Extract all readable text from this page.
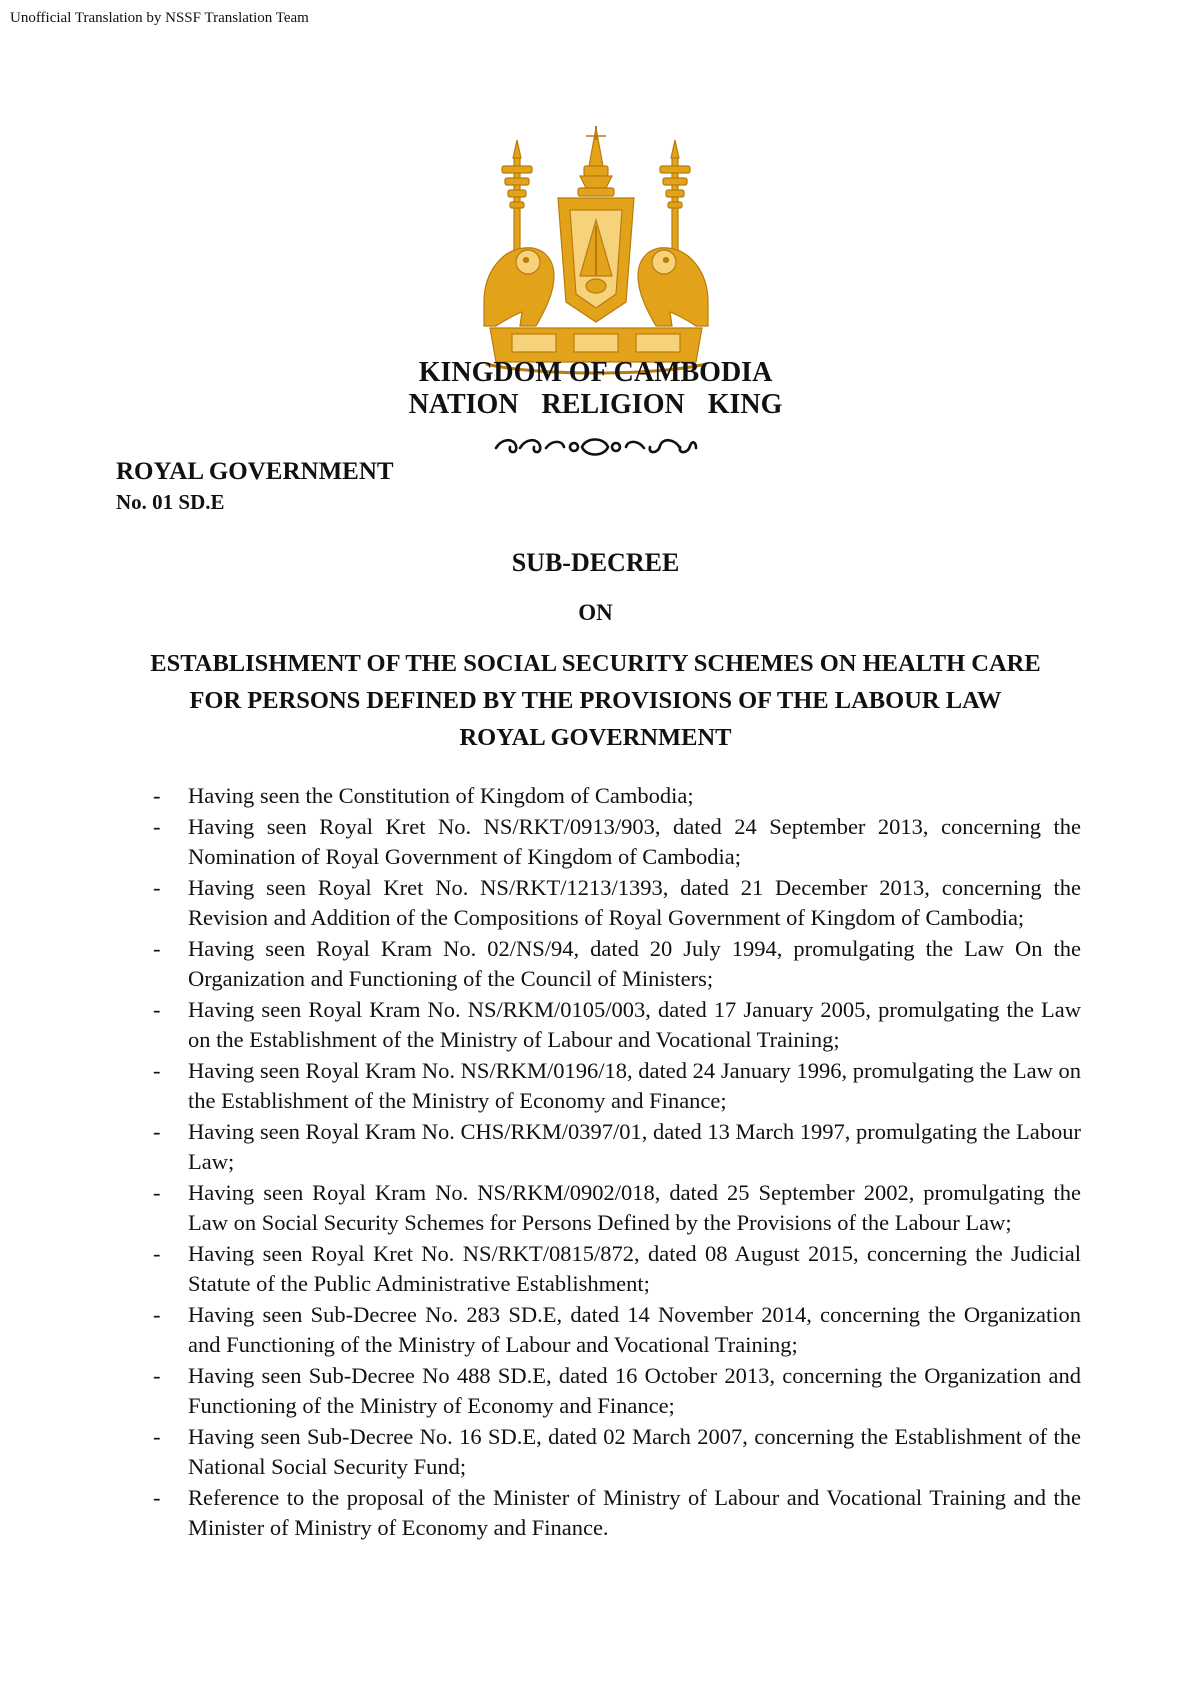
Unofficial Translation by NSSF Translation Team
KINGDOM OF CAMBODIA
NATION RELIGION KING
ROYAL GOVERNMENT
No. 01 SD.E
SUB-DECREE
ON
ESTABLISHMENT OF THE SOCIAL SECURITY SCHEMES ON HEALTH CARE
FOR PERSONS DEFINED BY THE PROVISIONS OF THE LABOUR LAW
ROYAL GOVERNMENT
- Having seen the Constitution of Kingdom of Cambodia;
- Having seen Royal Kret No. NS/RKT/0913/903, dated 24 September 2013, concerning the Nomination of Royal Government of Kingdom of Cambodia;
- Having seen Royal Kret No. NS/RKT/1213/1393, dated 21 December 2013, concerning the Revision and Addition of the Compositions of Royal Government of Kingdom of Cambodia;
- Having seen Royal Kram No. 02/NS/94, dated 20 July 1994, promulgating the Law On the Organization and Functioning of the Council of Ministers;
- Having seen Royal Kram No. NS/RKM/0105/003, dated 17 January 2005, promulgating the Law on the Establishment of the Ministry of Labour and Vocational Training;
- Having seen Royal Kram No. NS/RKM/0196/18, dated 24 January 1996, promulgating the Law on the Establishment of the Ministry of Economy and Finance;
- Having seen Royal Kram No. CHS/RKM/0397/01, dated 13 March 1997, promulgating the Labour Law;
- Having seen Royal Kram No. NS/RKM/0902/018, dated 25 September 2002, promulgating the Law on Social Security Schemes for Persons Defined by the Provisions of the Labour Law;
- Having seen Royal Kret No. NS/RKT/0815/872, dated 08 August 2015, concerning the Judicial Statute of the Public Administrative Establishment;
- Having seen Sub-Decree No. 283 SD.E, dated 14 November 2014, concerning the Organization and Functioning of the Ministry of Labour and Vocational Training;
- Having seen Sub-Decree No 488 SD.E, dated 16 October 2013, concerning the Organization and Functioning of the Ministry of Economy and Finance;
- Having seen Sub-Decree No. 16 SD.E, dated 02 March 2007, concerning the Establishment of the National Social Security Fund;
- Reference to the proposal of the Minister of Ministry of Labour and Vocational Training and the Minister of Ministry of Economy and Finance.
